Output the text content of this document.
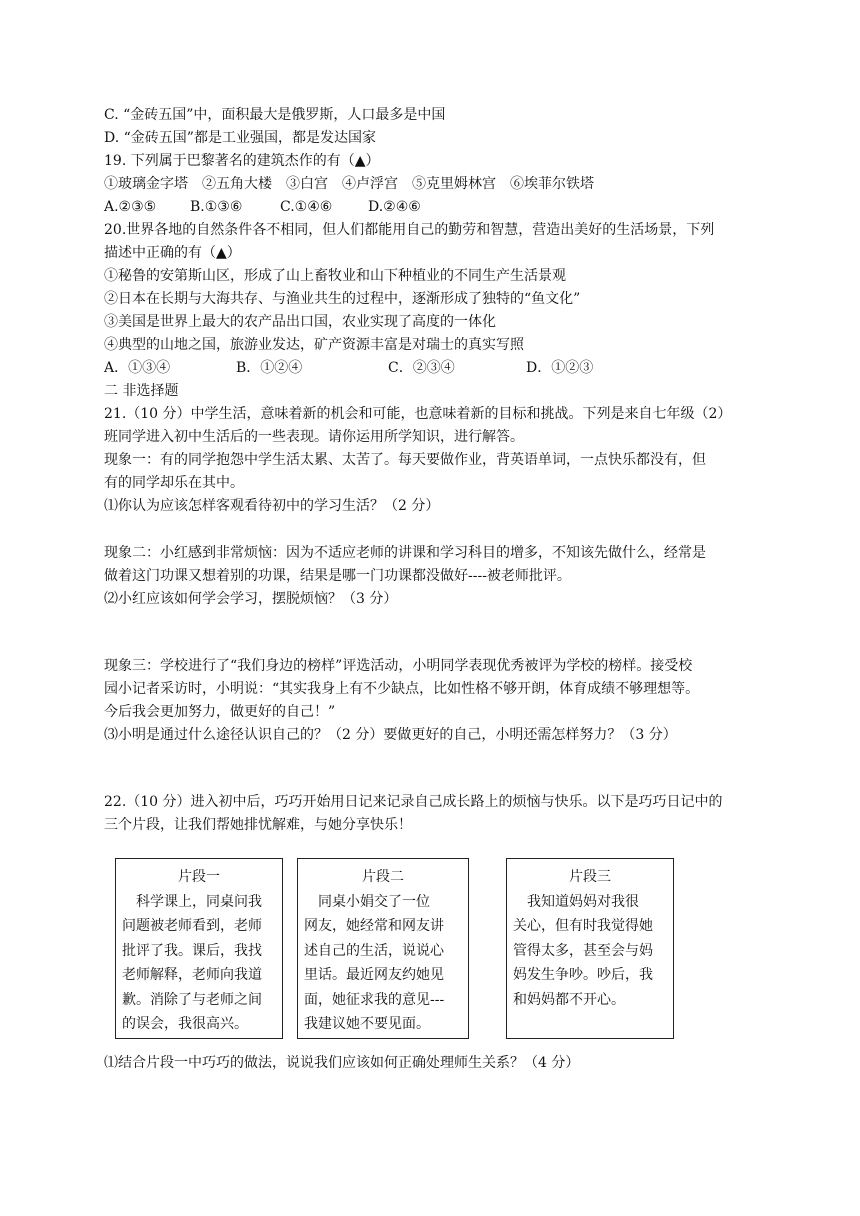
C. “金砖五国”中，面积最大是俄罗斯，人口最多是中国

D. “金砖五国”都是工业强国，都是发达国家

19. 下列属于巴黎著名的建筑杰作的有（▲）

①玻璃金字塔　②五角大楼　③白宫　④卢浮宫　⑤克里姆林宫　⑥埃菲尔铁塔

A.②③⑤ B.①③⑥	C.①④⑥	D.②④⑥

20.世界各地的自然条件各不相同，但人们都能用自己的勤劳和智慧，营造出美好的生活场景，下列

描述中正确的有（▲）

①秘鲁的安第斯山区，形成了山上畜牧业和山下种植业的不同生产生活景观

②日本在长期与大海共存、与渔业共生的过程中，逐渐形成了独特的“鱼文化”

③美国是世界上最大的农产品出口国，农业实现了高度的一体化

④典型的山地之国，旅游业发达，矿产资源丰富是对瑞士的真实写照

A．①③④	B．①②④	C．②③④	D．①②③

二 非选择题

21.（10 分）中学生活，意味着新的机会和可能，也意味着新的目标和挑战。下列是来自七年级（2）

班同学进入初中生活后的一些表现。请你运用所学知识，进行解答。

现象一：有的同学抱怨中学生活太累、太苦了。每天要做作业，背英语单词，一点快乐都没有，但

有的同学却乐在其中。

⑴你认为应该怎样客观看待初中的学习生活？（2 分）

现象二：小红感到非常烦恼：因为不适应老师的讲课和学习科目的增多，不知该先做什么，经常是

做着这门功课又想着别的功课，结果是哪一门功课都没做好----被老师批评。

⑵小红应该如何学会学习，摆脱烦恼？（3 分）

现象三：学校进行了“我们身边的榜样”评选活动，小明同学表现优秀被评为学校的榜样。接受校

园小记者采访时，小明说：“其实我身上有不少缺点，比如性格不够开朗，体育成绩不够理想等。

今后我会更加努力，做更好的自己！”

⑶小明是通过什么途径认识自己的？（2 分）要做更好的自己，小明还需怎样努力？（3 分）

22.（10 分）进入初中后，巧巧开始用日记来记录自己成长路上的烦恼与快乐。以下是巧巧日记中的

三个片段，让我们帮她排忧解难，与她分享快乐！

片段一

　科学课上，同桌问我

问题被老师看到，老师

批评了我。课后，我找

老师解释，老师向我道

歉。消除了与老师之间

的误会，我很高兴。

片段二

　同桌小娟交了一位

网友，她经常和网友讲

述自己的生活，说说心

里话。最近网友约她见

面，她征求我的意见---

我建议她不要见面。

片段三

　我知道妈妈对我很

关心，但有时我觉得她

管得太多，甚至会与妈

妈发生争吵。吵后，我

和妈妈都不开心。

⑴结合片段一中巧巧的做法，说说我们应该如何正确处理师生关系？（4 分）
